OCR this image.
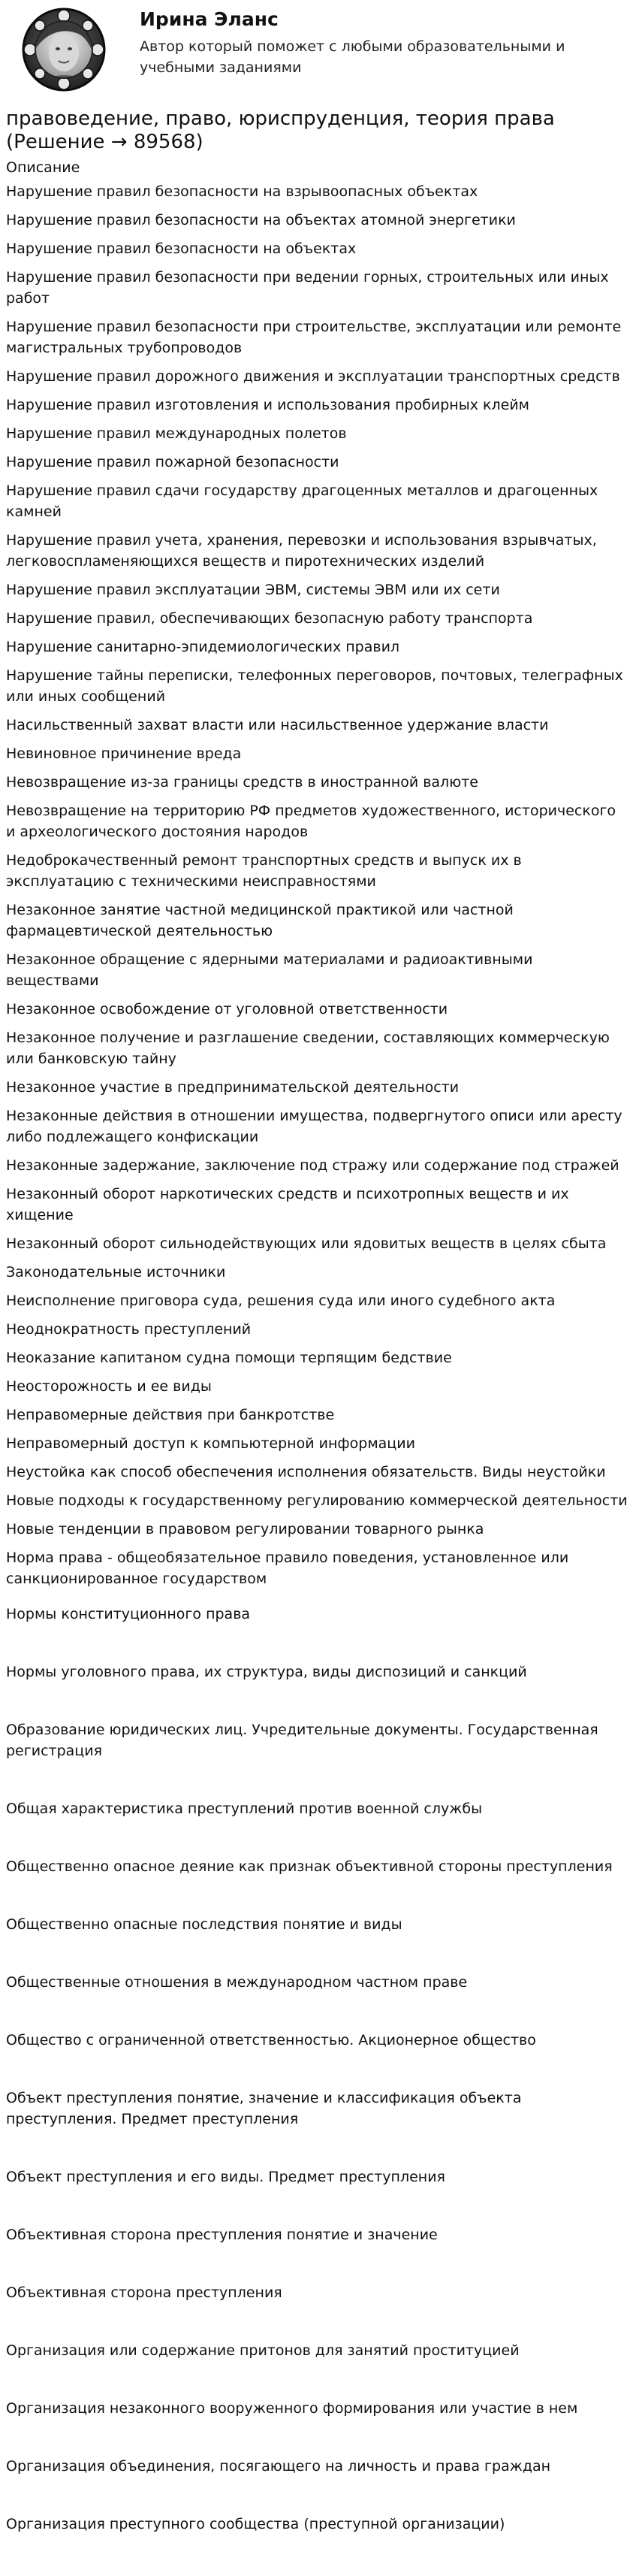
Ирина Эланс
Автор который поможет с любыми образовательными и учебными заданиями
правоведение, право, юриспруденция, теория права (Решение → 89568)
Описание
Нарушение правил безопасности на взрывоопасных объектах
Нарушение правил безопасности на объектах атомной энергетики
Нарушение правил безопасности на объектах
Нарушение правил безопасности при ведении горных, строительных или иных работ
Нарушение правил безопасности при строительстве, эксплуатации или ремонте магистральных трубопроводов
Нарушение правил дорожного движения и эксплуатации транспортных средств
Нарушение правил изготовления и использования пробирных клейм
Нарушение правил международных полетов
Нарушение правил пожарной безопасности
Нарушение правил сдачи государству драгоценных металлов и драгоценных камней
Нарушение правил учета, хранения, перевозки и использования взрывчатых, легковоспламеняющихся веществ и пиротехнических изделий
Нарушение правил эксплуатации ЭВМ, системы ЭВМ или их сети
Нарушение правил, обеспечивающих безопасную работу транспорта
Нарушение санитарно-эпидемиологических правил
Нарушение тайны переписки, телефонных переговоров, почтовых, телеграфных или иных сообщений
Насильственный захват власти или насильственное удержание власти
Невиновное причинение вреда
Невозвращение из-за границы средств в иностранной валюте
Невозвращение на территорию РФ предметов художественного, исторического и археологического достояния народов
Недоброкачественный ремонт транспортных средств и выпуск их в эксплуатацию с техническими неисправностями
Незаконное занятие частной медицинской практикой или частной фармацевтической деятельностью
Незаконное обращение с ядерными материалами и радиоактивными веществами
Незаконное освобождение от уголовной ответственности
Незаконное получение и разглашение сведении, составляющих коммерческую или банковскую тайну
Незаконное участие в предпринимательской деятельности
Незаконные действия в отношении имущества, подвергнутого описи или аресту либо подлежащего конфискации
Незаконные задержание, заключение под стражу или содержание под стражей
Незаконный оборот наркотических средств и психотропных веществ и их хищение
Незаконный оборот сильнодействующих или ядовитых веществ в целях сбыта
Законодательные источники
Неисполнение приговора суда, решения суда или иного судебного акта
Неоднократность преступлений
Неоказание капитаном судна помощи терпящим бедствие
Неосторожность и ее виды
Неправомерные действия при банкротстве
Неправомерный доступ к компьютерной информации
Неустойка как способ обеспечения исполнения обязательств. Виды неустойки
Новые подходы к государственному регулированию коммерческой деятельности
Новые тенденции в правовом регулировании товарного рынка
Норма права - общеобязательное правило поведения, установленное или санкционированное государством
Нормы конституционного права
Нормы уголовного права, их структура, виды диспозиций и санкций
Образование юридических лиц. Учредительные документы. Государственная регистрация
Общая характеристика преступлений против военной службы
Общественно опасное деяние как признак объективной стороны преступления
Общественно опасные последствия понятие и виды
Общественные отношения в международном частном праве
Общество с ограниченной ответственностью. Акционерное общество
Объект преступления понятие, значение и классификация объекта преступления. Предмет преступления
Объект преступления и его виды. Предмет преступления
Объективная сторона преступления понятие и значение
Объективная сторона преступления
Организация или содержание притонов для занятий проституцией
Организация незаконного вооруженного формирования или участие в нем
Организация объединения, посягающего на личность и права граждан
Организация преступного сообщества (преступной организации)
